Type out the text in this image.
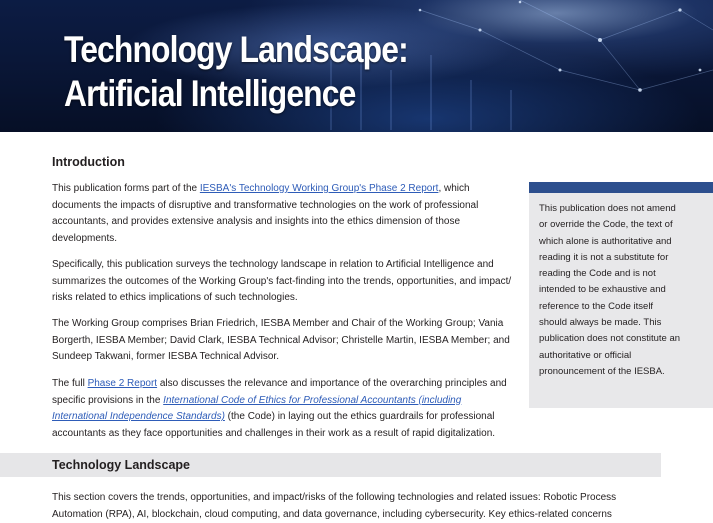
Technology Landscape:
Artificial Intelligence
Introduction
This publication forms part of the IESBA's Technology Working Group's Phase 2 Report, which documents the impacts of disruptive and transformative technologies on the work of professional accountants, and provides extensive analysis and insights into the ethics dimension of those developments.
Specifically, this publication surveys the technology landscape in relation to Artificial Intelligence and summarizes the outcomes of the Working Group's fact-finding into the trends, opportunities, and impact/ risks related to ethics implications of such technologies.
The Working Group comprises Brian Friedrich, IESBA Member and Chair of the Working Group; Vania Borgerth, IESBA Member; David Clark, IESBA Technical Advisor; Christelle Martin, IESBA Member; and Sundeep Takwani, former IESBA Technical Advisor.
The full Phase 2 Report also discusses the relevance and importance of the overarching principles and specific provisions in the International Code of Ethics for Professional Accountants (including International Independence Standards) (the Code) in laying out the ethics guardrails for professional accountants as they face opportunities and challenges in their work as a result of rapid digitalization.
This publication does not amend or override the Code, the text of which alone is authoritative and reading it is not a substitute for reading the Code and is not intended to be exhaustive and reference to the Code itself should always be made. This publication does not constitute an authoritative or official pronouncement of the IESBA.
Technology Landscape
This section covers the trends, opportunities, and impact/risks of the following technologies and related issues: Robotic Process Automation (RPA), AI, blockchain, cloud computing, and data governance, including cybersecurity. Key ethics-related concerns
